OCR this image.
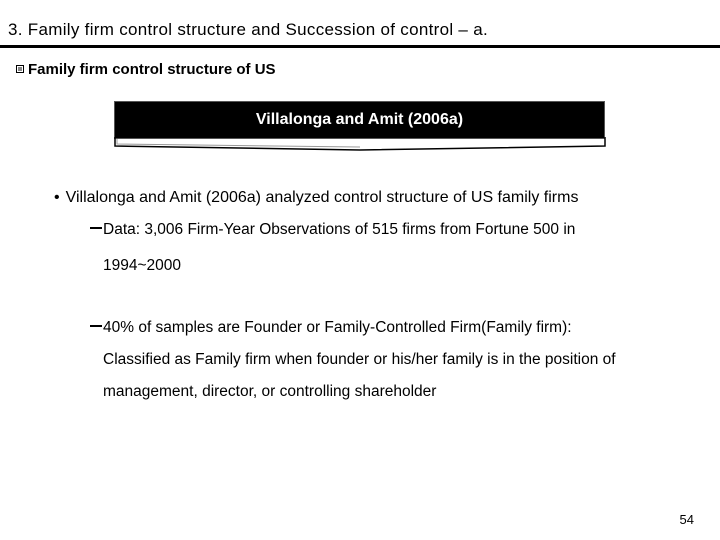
3. Family firm control structure and Succession of control – a.
Family firm control structure of US
Villalonga and Amit (2006a)
• Villalonga and Amit (2006a) analyzed control structure of US family firms
Data: 3,006 Firm-Year Observations of 515 firms from Fortune 500 in
1994~2000
40% of samples are Founder or Family-Controlled Firm(Family firm):
Classified as Family firm when founder or his/her family is in the position of
management, director, or controlling shareholder
54
